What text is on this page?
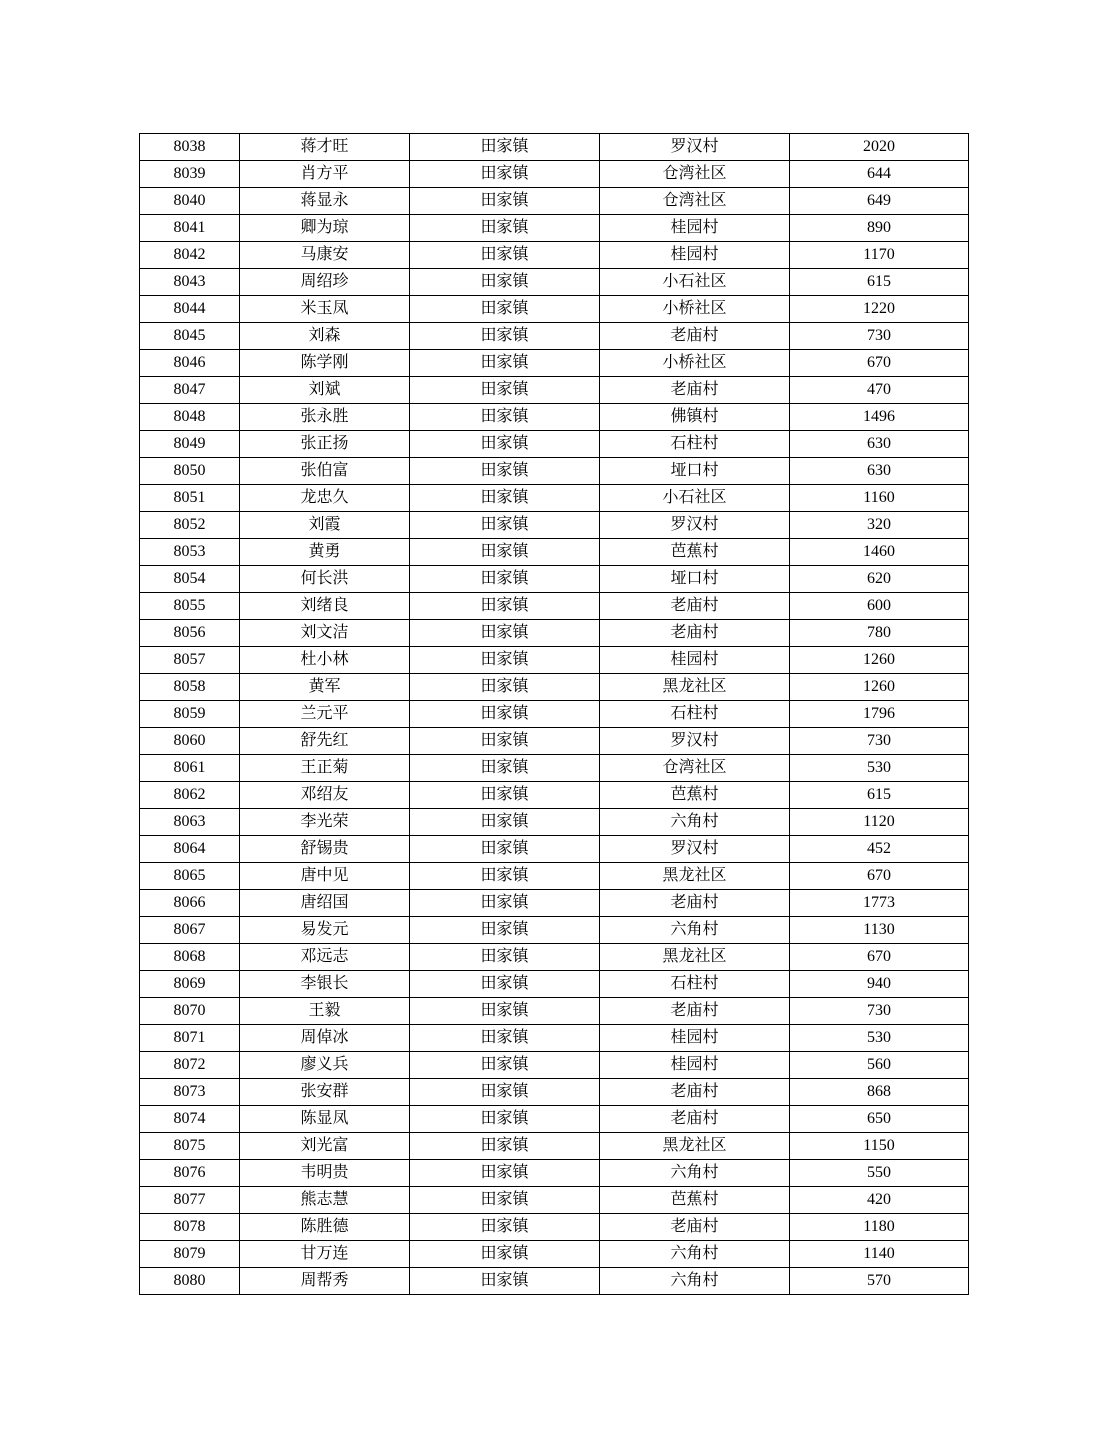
8038	蒋才旺	田家镇	罗汉村	2020
8039	肖方平	田家镇	仓湾社区	644
8040	蒋显永	田家镇	仓湾社区	649
8041	卿为琼	田家镇	桂园村	890
8042	马康安	田家镇	桂园村	1170
8043	周绍珍	田家镇	小石社区	615
8044	米玉凤	田家镇	小桥社区	1220
8045	刘森	田家镇	老庙村	730
8046	陈学刚	田家镇	小桥社区	670
8047	刘斌	田家镇	老庙村	470
8048	张永胜	田家镇	佛镇村	1496
8049	张正扬	田家镇	石柱村	630
8050	张伯富	田家镇	垭口村	630
8051	龙忠久	田家镇	小石社区	1160
8052	刘霞	田家镇	罗汉村	320
8053	黄勇	田家镇	芭蕉村	1460
8054	何长洪	田家镇	垭口村	620
8055	刘绪良	田家镇	老庙村	600
8056	刘文洁	田家镇	老庙村	780
8057	杜小林	田家镇	桂园村	1260
8058	黄军	田家镇	黑龙社区	1260
8059	兰元平	田家镇	石柱村	1796
8060	舒先红	田家镇	罗汉村	730
8061	王正菊	田家镇	仓湾社区	530
8062	邓绍友	田家镇	芭蕉村	615
8063	李光荣	田家镇	六角村	1120
8064	舒锡贵	田家镇	罗汉村	452
8065	唐中见	田家镇	黑龙社区	670
8066	唐绍国	田家镇	老庙村	1773
8067	易发元	田家镇	六角村	1130
8068	邓远志	田家镇	黑龙社区	670
8069	李银长	田家镇	石柱村	940
8070	王毅	田家镇	老庙村	730
8071	周倬冰	田家镇	桂园村	530
8072	廖义兵	田家镇	桂园村	560
8073	张安群	田家镇	老庙村	868
8074	陈显凤	田家镇	老庙村	650
8075	刘光富	田家镇	黑龙社区	1150
8076	韦明贵	田家镇	六角村	550
8077	熊志慧	田家镇	芭蕉村	420
8078	陈胜德	田家镇	老庙村	1180
8079	甘万连	田家镇	六角村	1140
8080	周帮秀	田家镇	六角村	570
